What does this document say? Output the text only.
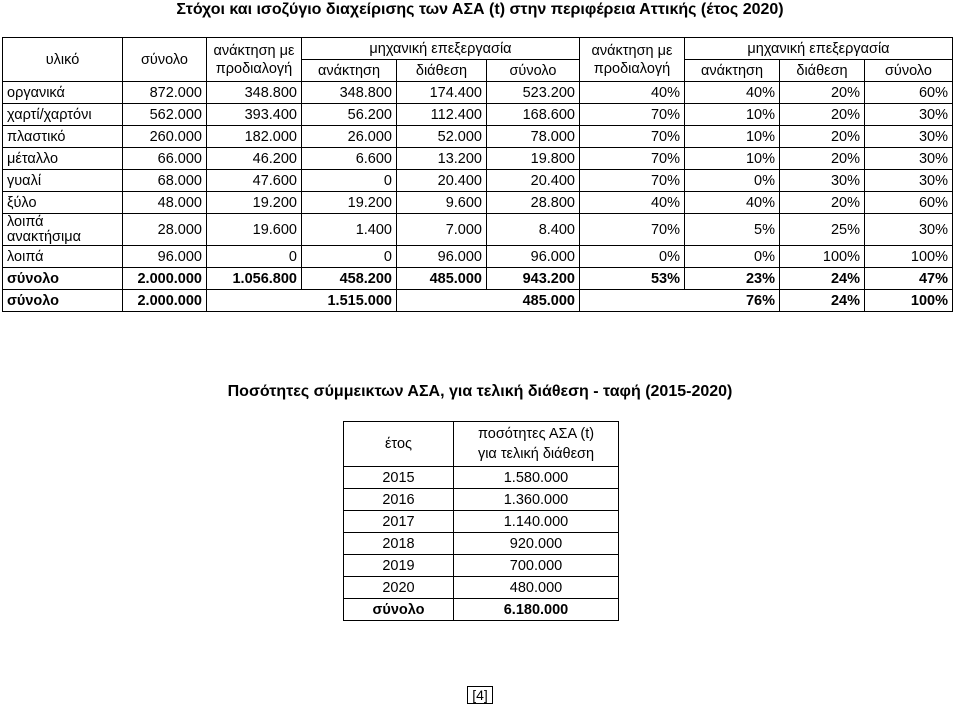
Στόχοι και ισοζύγιο διαχείρισης των ΑΣΑ (t) στην περιφέρεια Αττικής (έτος 2020)
υλικό	σύνολο	ανάκτηση με προδιαλογή	μηχανική επεξεργασία			ανάκτηση με προδιαλογή	μηχανική επεξεργασία		
			ανάκτηση	διάθεση	σύνολο		ανάκτηση	διάθεση	σύνολο
οργανικά	872.000	348.800	348.800	174.400	523.200	40%	40%	20%	60%
χαρτί/χαρτόνι	562.000	393.400	56.200	112.400	168.600	70%	10%	20%	30%
πλαστικό	260.000	182.000	26.000	52.000	78.000	70%	10%	20%	30%
μέταλλο	66.000	46.200	6.600	13.200	19.800	70%	10%	20%	30%
γυαλί	68.000	47.600	0	20.400	20.400	70%	0%	30%	30%
ξύλο	48.000	19.200	19.200	9.600	28.800	40%	40%	20%	60%
λοιπά ανακτήσιμα	28.000	19.600	1.400	7.000	8.400	70%	5%	25%	30%
λοιπά	96.000	0	0	96.000	96.000	0%	0%	100%	100%
σύνολο	2.000.000	1.056.800	458.200	485.000	943.200	53%	23%	24%	47%
σύνολο	2.000.000	1.515.000		485.000		76%		24%	100%
Ποσότητες σύμμεικτων ΑΣΑ, για τελική διάθεση - ταφή (2015-2020)
έτος	ποσότητες ΑΣΑ (t)
για τελική διάθεση
2015	1.580.000
2016	1.360.000
2017	1.140.000
2018	920.000
2019	700.000
2020	480.000
σύνολο	6.180.000
[4]
